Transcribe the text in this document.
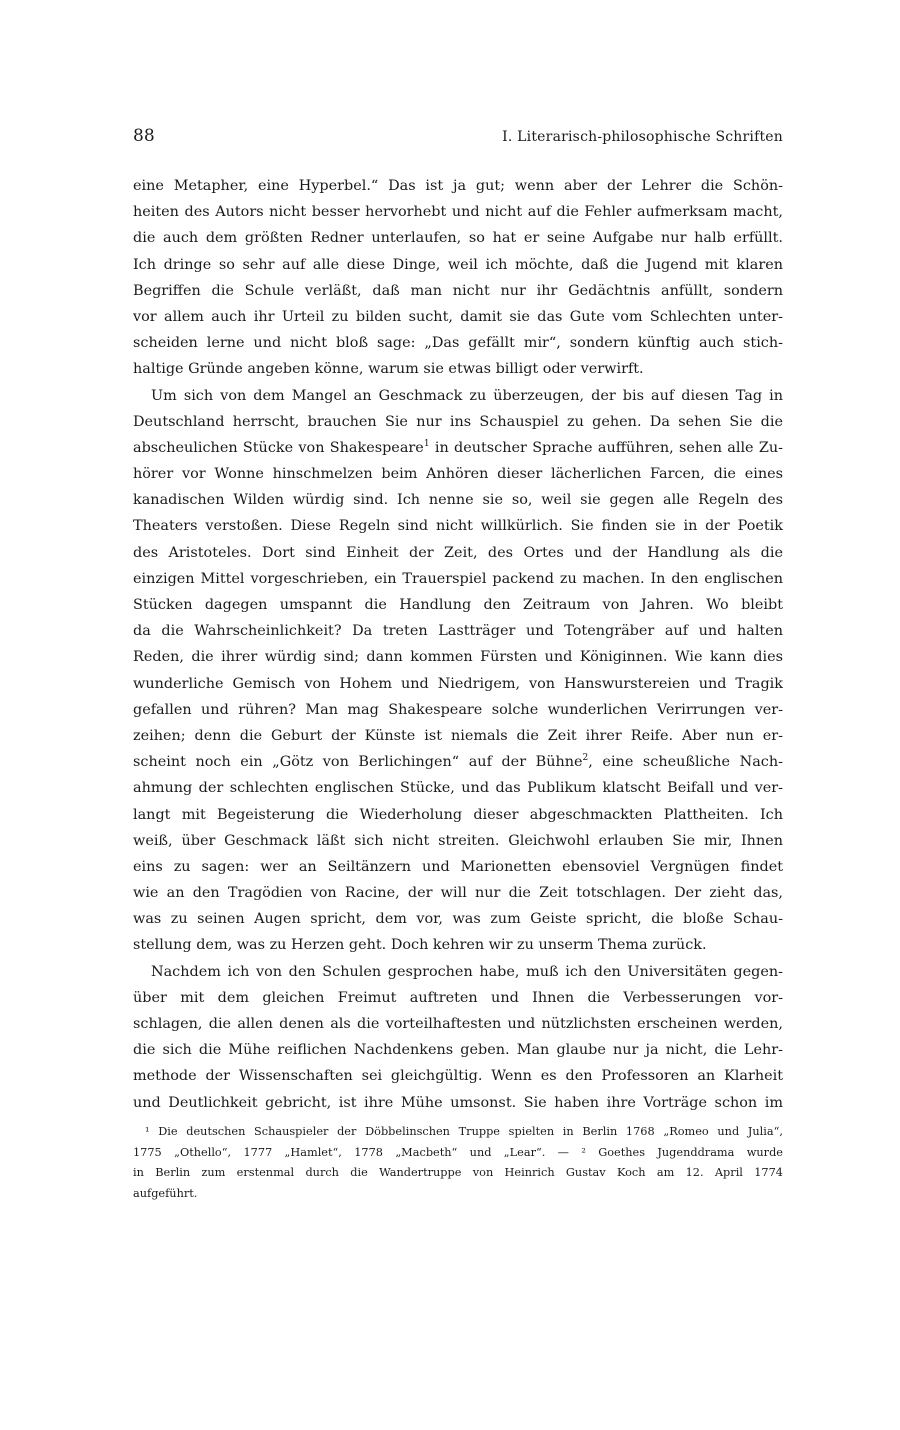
88	I. Literarisch-philosophische Schriften
eine Metapher, eine Hyperbel.“ Das ist ja gut; wenn aber der Lehrer die Schön-
heiten des Autors nicht besser hervorhebt und nicht auf die Fehler aufmerksam macht,
die auch dem größten Redner unterlaufen, so hat er seine Aufgabe nur halb erfüllt.
Ich dringe so sehr auf alle diese Dinge, weil ich möchte, daß die Jugend mit klaren
Begriffen die Schule verläßt, daß man nicht nur ihr Gedächtnis anfüllt, sondern
vor allem auch ihr Urteil zu bilden sucht, damit sie das Gute vom Schlechten unter-
scheiden lerne und nicht bloß sage: „Das gefällt mir“, sondern künftig auch stich-
haltige Gründe angeben könne, warum sie etwas billigt oder verwirft.
Um sich von dem Mangel an Geschmack zu überzeugen, der bis auf diesen Tag in
Deutschland herrscht, brauchen Sie nur ins Schauspiel zu gehen. Da sehen Sie die
abscheulichen Stücke von Shakespeare$^1$ in deutscher Sprache aufführen, sehen alle Zu-
hörer vor Wonne hinschmelzen beim Anhören dieser lächerlichen Farcen, die eines
kanadischen Wilden würdig sind. Ich nenne sie so, weil sie gegen alle Regeln des
Theaters verstoßen. Diese Regeln sind nicht willkürlich. Sie finden sie in der Poetik
des Aristoteles. Dort sind Einheit der Zeit, des Ortes und der Handlung als die
einzigen Mittel vorgeschrieben, ein Trauerspiel packend zu machen. In den englischen
Stücken dagegen umspannt die Handlung den Zeitraum von Jahren. Wo bleibt
da die Wahrscheinlichkeit? Da treten Lastträger und Totengräber auf und halten
Reden, die ihrer würdig sind; dann kommen Fürsten und Königinnen. Wie kann dies
wunderliche Gemisch von Hohem und Niedrigem, von Hanswurstereien und Tragik
gefallen und rühren? Man mag Shakespeare solche wunderlichen Verirrungen ver-
zeihen; denn die Geburt der Künste ist niemals die Zeit ihrer Reife. Aber nun er-
scheint noch ein „Götz von Berlichingen“ auf der Bühne$^2$, eine scheußliche Nach-
ahmung der schlechten englischen Stücke, und das Publikum klatscht Beifall und ver-
langt mit Begeisterung die Wiederholung dieser abgeschmackten Plattheiten. Ich
weiß, über Geschmack läßt sich nicht streiten. Gleichwohl erlauben Sie mir, Ihnen
eins zu sagen: wer an Seiltänzern und Marionetten ebensoviel Vergnügen findet
wie an den Tragödien von Racine, der will nur die Zeit totschlagen. Der zieht das,
was zu seinen Augen spricht, dem vor, was zum Geiste spricht, die bloße Schau-
stellung dem, was zu Herzen geht. Doch kehren wir zu unserm Thema zurück.
Nachdem ich von den Schulen gesprochen habe, muß ich den Universitäten gegen-
über mit dem gleichen Freimut auftreten und Ihnen die Verbesserungen vor-
schlagen, die allen denen als die vorteilhaftesten und nützlichsten erscheinen werden,
die sich die Mühe reiflichen Nachdenkens geben. Man glaube nur ja nicht, die Lehr-
methode der Wissenschaften sei gleichgültig. Wenn es den Professoren an Klarheit
und Deutlichkeit gebricht, ist ihre Mühe umsonst. Sie haben ihre Vorträge schon im
¹ Die deutschen Schauspieler der Döbbelinschen Truppe spielten in Berlin 1768 „Romeo und Julia“,
1775 „Othello“, 1777 „Hamlet“, 1778 „Macbeth“ und „Lear“. — ² Goethes Jugenddrama wurde
in Berlin zum erstenmal durch die Wandertruppe von Heinrich Gustav Koch am 12. April 1774
aufgeführt.
